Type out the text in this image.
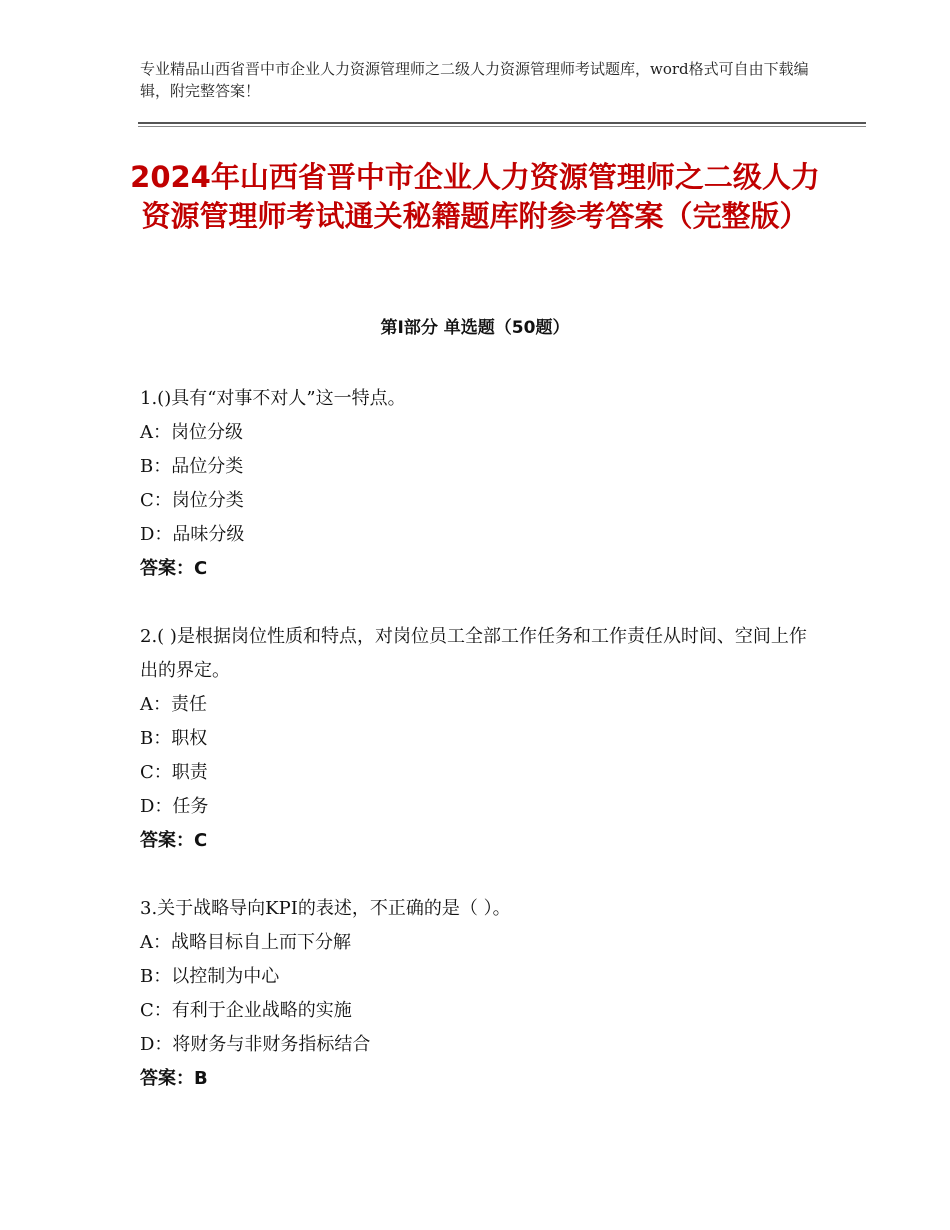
专业精品山西省晋中市企业人力资源管理师之二级人力资源管理师考试题库，word格式可自由下载编辑，附完整答案！
2024年山西省晋中市企业人力资源管理师之二级人力资源管理师考试通关秘籍题库附参考答案（完整版）
第Ⅰ部分 单选题（50题）

1.()具有“对事不对人”这一特点。

A：岗位分级

B：品位分类

C：岗位分类

D：品味分级

答案：C

2.( )是根据岗位性质和特点，对岗位员工全部工作任务和工作责任从时间、空间上作出的界定。

A：责任

B：职权

C：职责

D：任务

答案：C

3.关于战略导向KPI的表述，不正确的是（ ）。

A：战略目标自上而下分解

B：以控制为中心

C：有利于企业战略的实施

D：将财务与非财务指标结合

答案：B
